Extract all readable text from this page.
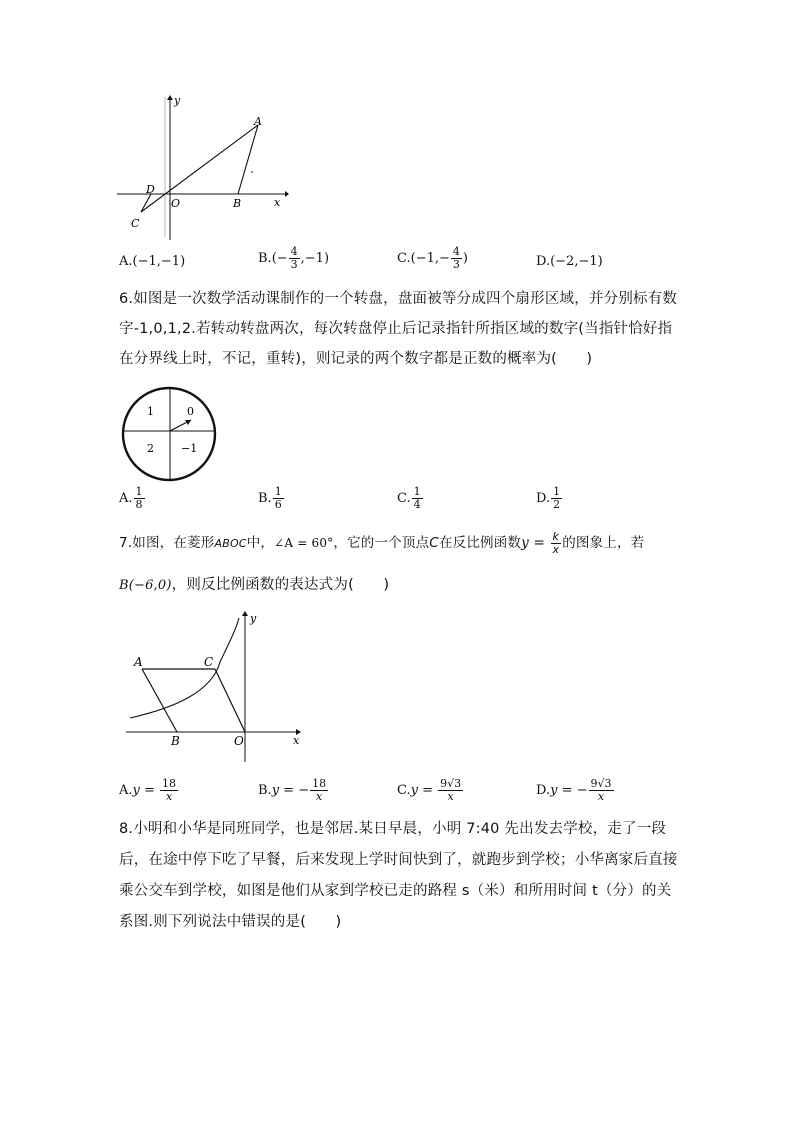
y
x
A
B
C
D
O
A.(−1,−1)	$B.(- \frac{4}{3} ,-1)$	$C.(-1,- \frac{4}{3}$ )	D.(−2,−1)
6.如图是一次数学活动课制作的一个转盘，盘面被等分成四个扇形区域，并分别标有数字-1,0,1,2.若转动转盘两次，每次转盘停止后记录指针所指区域的数字(当指针恰好指在分界线上时，不记，重转)，则记录的两个数字都是正数的概率为(　　)
1	0
2 −1
A. $\frac{1}{8}$	B. $\frac{1}{6}$	C. $\frac{1}{4}$	D. $\frac{1}{2}$
7.如图，在菱形ABOC中，∠A = 60°，它的一个顶点C在反比例函数$y = \frac{k}{x}$ 的图象上，若
B(−6,0)，则反比例函数的表达式为(　　)
y
x
A
B
C
O
$A.y = \frac{18}{x}$	B.y = − $\frac{18}{x}$	$C.y = \frac{9√3}{x}$	D.y = − $\frac{9√3}{x}$
8.小明和小华是同班同学，也是邻居.某日早晨，小明 7:40 先出发去学校，走了一段后，在途中停下吃了早餐，后来发现上学时间快到了，就跑步到学校；小华离家后直接乘公交车到学校，如图是他们从家到学校已走的路程 s（米）和所用时间 t（分）的关系图.则下列说法中错误的是(　　)
